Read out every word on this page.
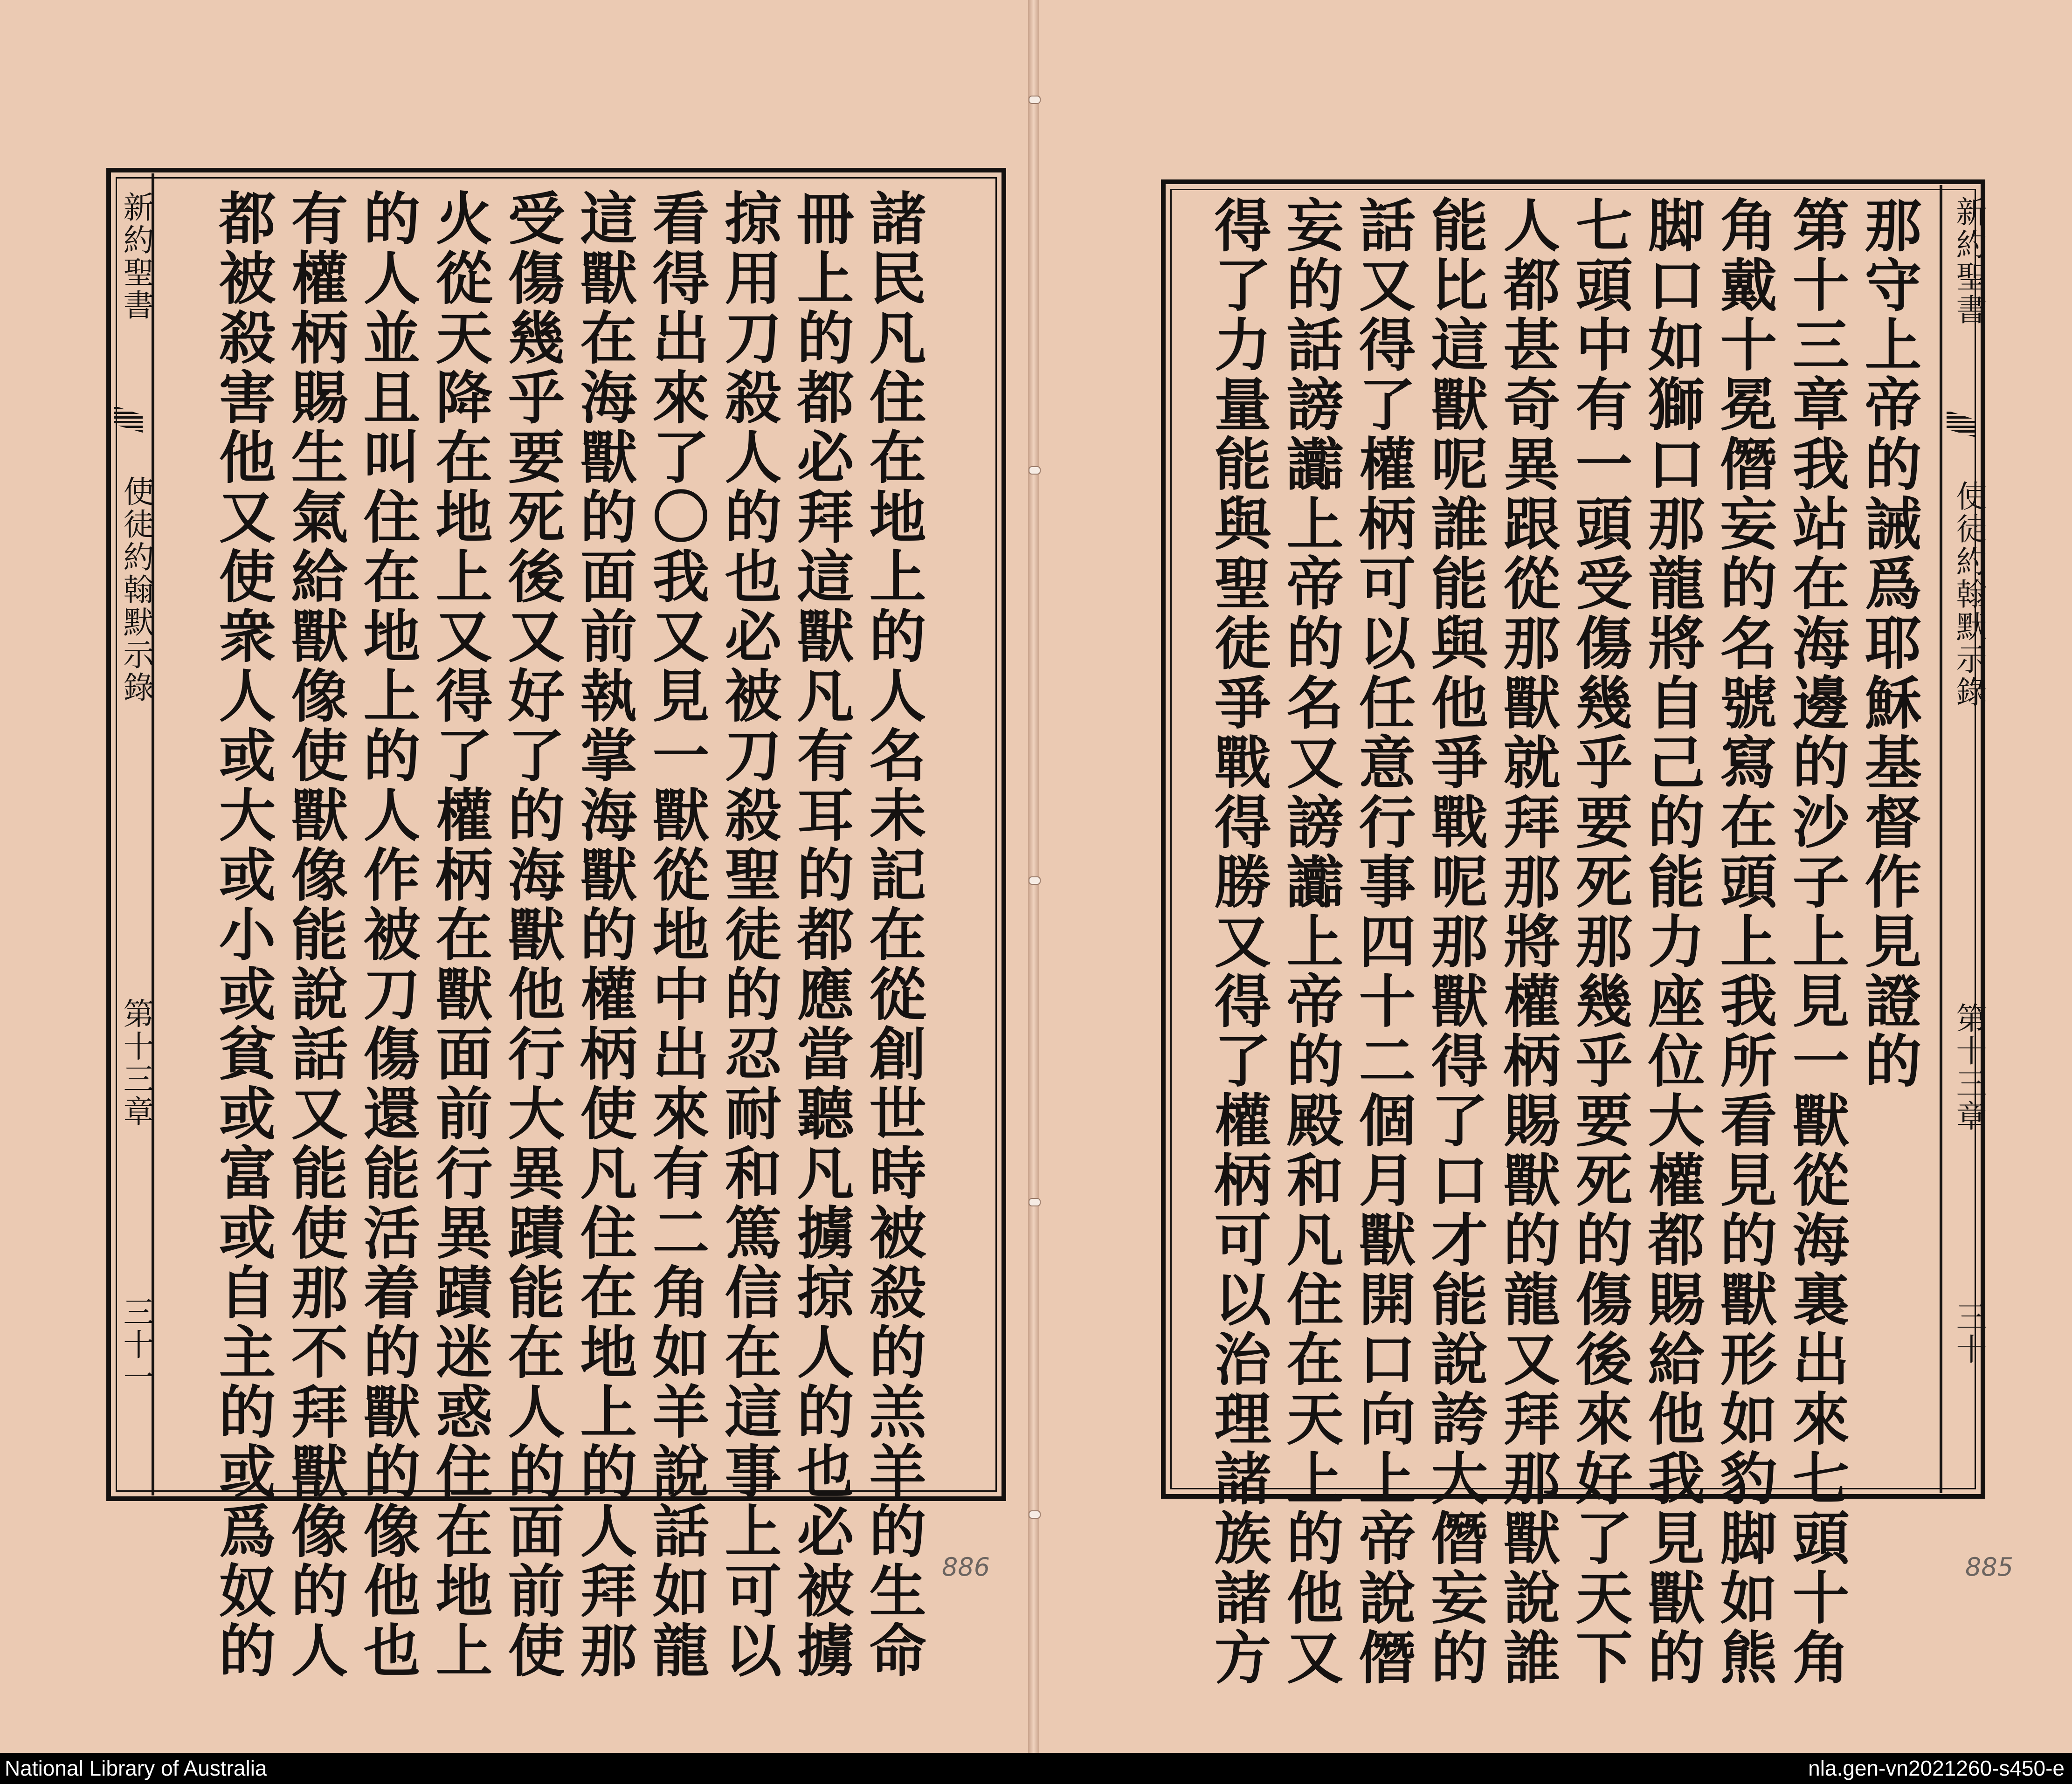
新約聖書
使徒約翰默示錄
第十三章
三十一	諸民凡住在地上的人名未記在從創世時被殺的羔羊的生命
冊上的都必拜這獸凡有耳的都應當聽凡擄掠人的也必被擄
掠用刀殺人的也必被刀殺聖徒的忍耐和篤信在這事上可以
看得出來了〇我又見一獸從地中出來有二角如羊說話如龍
這獸在海獸的面前執掌海獸的權柄使凡住在地上的人拜那
受傷幾乎要死後又好了的海獸他行大異蹟能在人的面前使
火從天降在地上又得了權柄在獸面前行異蹟迷惑住在地上
的人並且叫住在地上的人作被刀傷還能活着的獸的像他也
有權柄賜生氣給獸像使獸像能說話又能使那不拜獸像的人
都被殺害他又使衆人或大或小或貧或富或自主的或爲奴的	886
新約聖書
使徒約翰默示錄
第十三章
三十
那守上帝的誡爲耶穌基督作見證的
第十三章我站在海邊的沙子上見一獸從海裏出來七頭十角
角戴十冕僭妄的名號寫在頭上我所看見的獸形如豹脚如熊
脚口如獅口那龍將自己的能力座位大權都賜給他我見獸的
七頭中有一頭受傷幾乎要死那幾乎要死的傷後來好了天下
人都甚奇異跟從那獸就拜那將權柄賜獸的龍又拜那獸說誰
能比這獸呢誰能與他爭戰呢那獸得了口才能說誇大僭妄的
話又得了權柄可以任意行事四十二個月獸開口向上帝說僭
妄的話謗讟上帝的名又謗讟上帝的殿和凡住在天上的他又
得了力量能與聖徒爭戰得勝又得了權柄可以治理諸族諸方	885
National Library of Australia	nla.gen-vn2021260-s450-e
